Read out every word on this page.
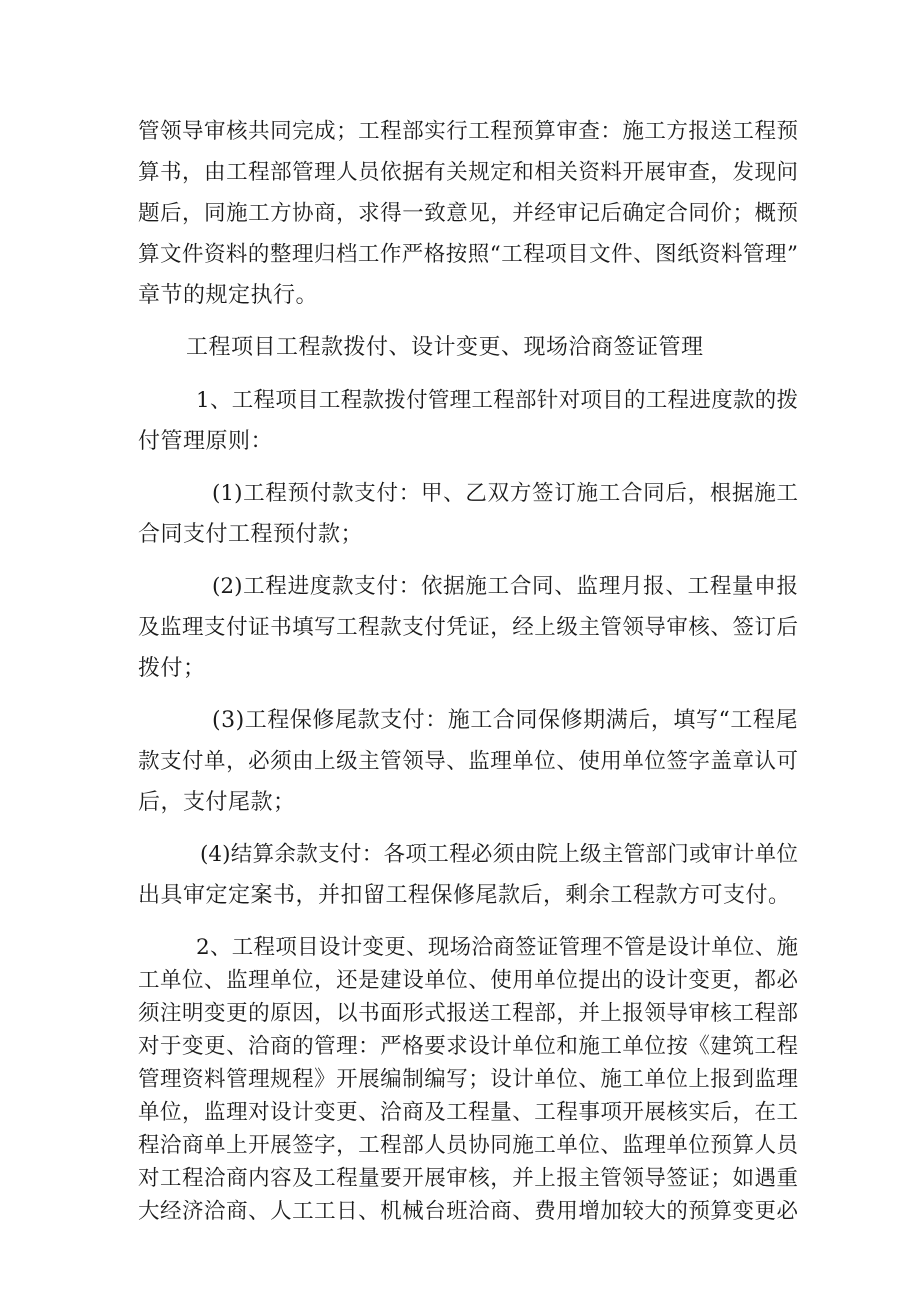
管领导审核共同完成；工程部实行工程预算审查：施工方报送工程预
算书，由工程部管理人员依据有关规定和相关资料开展审查，发现问
题后，同施工方协商，求得一致意见，并经审记后确定合同价；概预
算文件资料的整理归档工作严格按照“工程项目文件、图纸资料管理”
章节的规定执行。
工程项目工程款拨付、设计变更、现场洽商签证管理
1、工程项目工程款拨付管理工程部针对项目的工程进度款的拨
付管理原则：
(1)工程预付款支付：甲、乙双方签订施工合同后，根据施工
合同支付工程预付款；
(2)工程进度款支付：依据施工合同、监理月报、工程量申报
及监理支付证书填写工程款支付凭证，经上级主管领导审核、签订后
拨付；
(3)工程保修尾款支付：施工合同保修期满后，填写“工程尾
款支付单，必须由上级主管领导、监理单位、使用单位签字盖章认可
后，支付尾款；
(4)结算余款支付：各项工程必须由院上级主管部门或审计单位
出具审定定案书，并扣留工程保修尾款后，剩余工程款方可支付。
2、工程项目设计变更、现场洽商签证管理不管是设计单位、施
工单位、监理单位，还是建设单位、使用单位提出的设计变更，都必
须注明变更的原因，以书面形式报送工程部，并上报领导审核工程部
对于变更、洽商的管理：严格要求设计单位和施工单位按《建筑工程
管理资料管理规程》开展编制编写；设计单位、施工单位上报到监理
单位，监理对设计变更、洽商及工程量、工程事项开展核实后，在工
程洽商单上开展签字，工程部人员协同施工单位、监理单位预算人员
对工程洽商内容及工程量要开展审核，并上报主管领导签证；如遇重
大经济洽商、人工工日、机械台班洽商、费用增加较大的预算变更必
